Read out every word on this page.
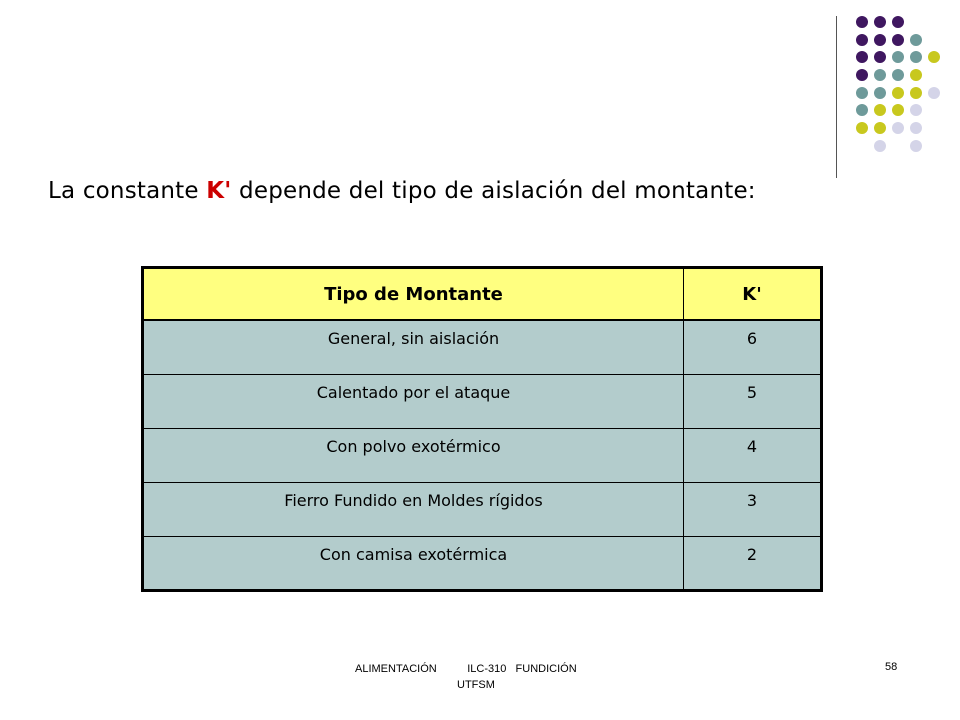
La constante K' depende del tipo de aislación del montante:
Tipo de Montante	K'
General, sin aislación	6
Calentado por el ataque	5
Con polvo exotérmico	4
Fierro Fundido en Moldes rígidos	3
Con camisa exotérmica	2
ALIMENTACIÓN          ILC-310   FUNDICIÓN
UTFSM
58
